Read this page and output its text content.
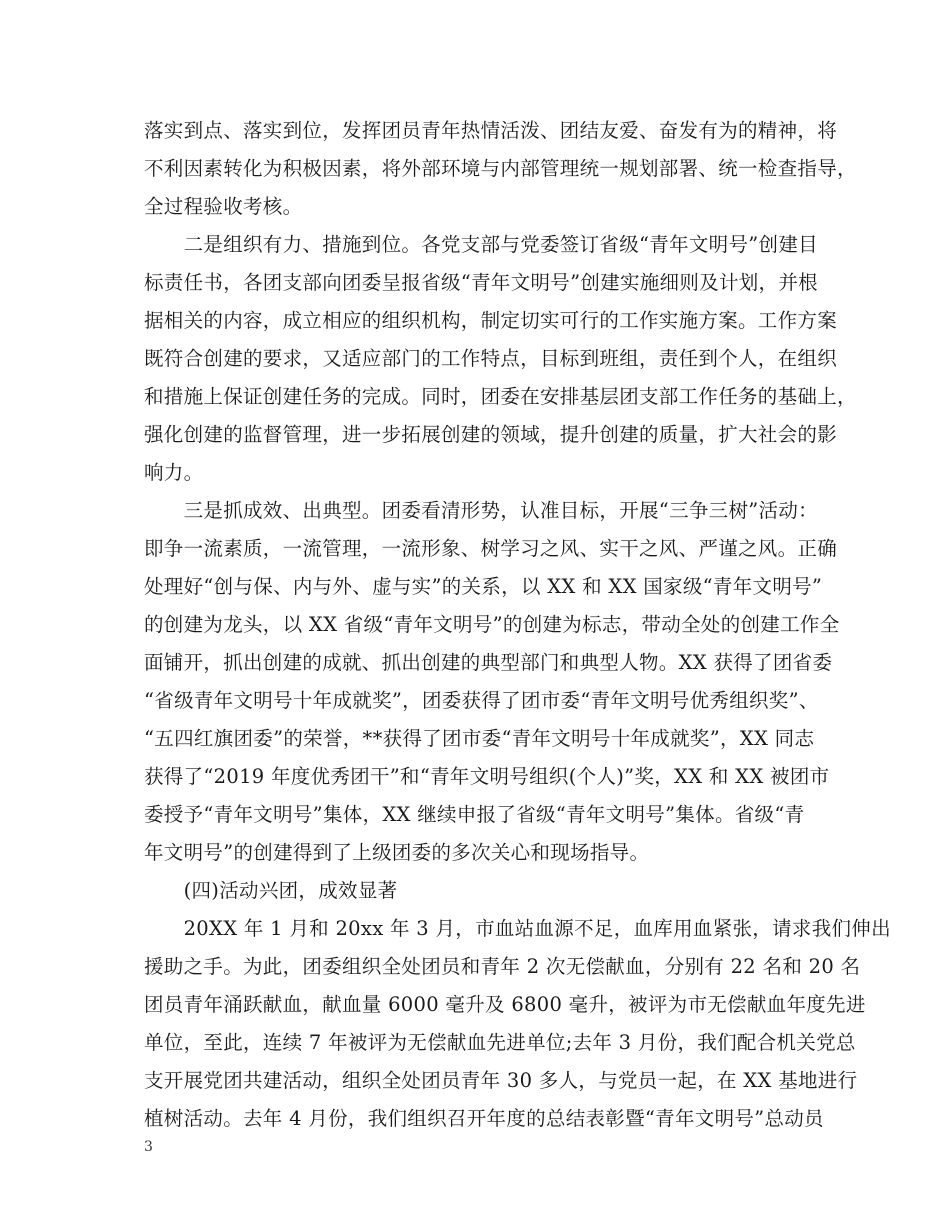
落实到点、落实到位，发挥团员青年热情活泼、团结友爱、奋发有为的精神，将
不利因素转化为积极因素，将外部环境与内部管理统一规划部署、统一检查指导，
全过程验收考核。
　　二是组织有力、措施到位。各党支部与党委签订省级“青年文明号”创建目
标责任书，各团支部向团委呈报省级“青年文明号”创建实施细则及计划，并根
据相关的内容，成立相应的组织机构，制定切实可行的工作实施方案。工作方案
既符合创建的要求，又适应部门的工作特点，目标到班组，责任到个人，在组织
和措施上保证创建任务的完成。同时，团委在安排基层团支部工作任务的基础上，
强化创建的监督管理，进一步拓展创建的领域，提升创建的质量，扩大社会的影
响力。
　　三是抓成效、出典型。团委看清形势，认准目标，开展“三争三树”活动：
即争一流素质，一流管理，一流形象、树学习之风、实干之风、严谨之风。正确
处理好“创与保、内与外、虚与实”的关系，以 XX 和 XX 国家级“青年文明号”
的创建为龙头，以 XX 省级“青年文明号”的创建为标志，带动全处的创建工作全
面铺开，抓出创建的成就、抓出创建的典型部门和典型人物。XX 获得了团省委
“省级青年文明号十年成就奖”，团委获得了团市委“青年文明号优秀组织奖”、
“五四红旗团委”的荣誉，**获得了团市委“青年文明号十年成就奖”，XX 同志
获得了“2019 年度优秀团干”和“青年文明号组织(个人)”奖，XX 和 XX 被团市
委授予“青年文明号”集体，XX 继续申报了省级“青年文明号”集体。省级“青
年文明号”的创建得到了上级团委的多次关心和现场指导。
　　(四)活动兴团，成效显著
　　20XX 年 1 月和 20xx 年 3 月，市血站血源不足，血库用血紧张，请求我们伸出
援助之手。为此，团委组织全处团员和青年 2 次无偿献血，分别有 22 名和 20 名
团员青年涌跃献血，献血量 6000 毫升及 6800 毫升，被评为市无偿献血年度先进
单位，至此，连续 7 年被评为无偿献血先进单位;去年 3 月份，我们配合机关党总
支开展党团共建活动，组织全处团员青年 30 多人，与党员一起，在 XX 基地进行
植树活动。去年 4 月份，我们组织召开年度的总结表彰暨“青年文明号”总动员
3
